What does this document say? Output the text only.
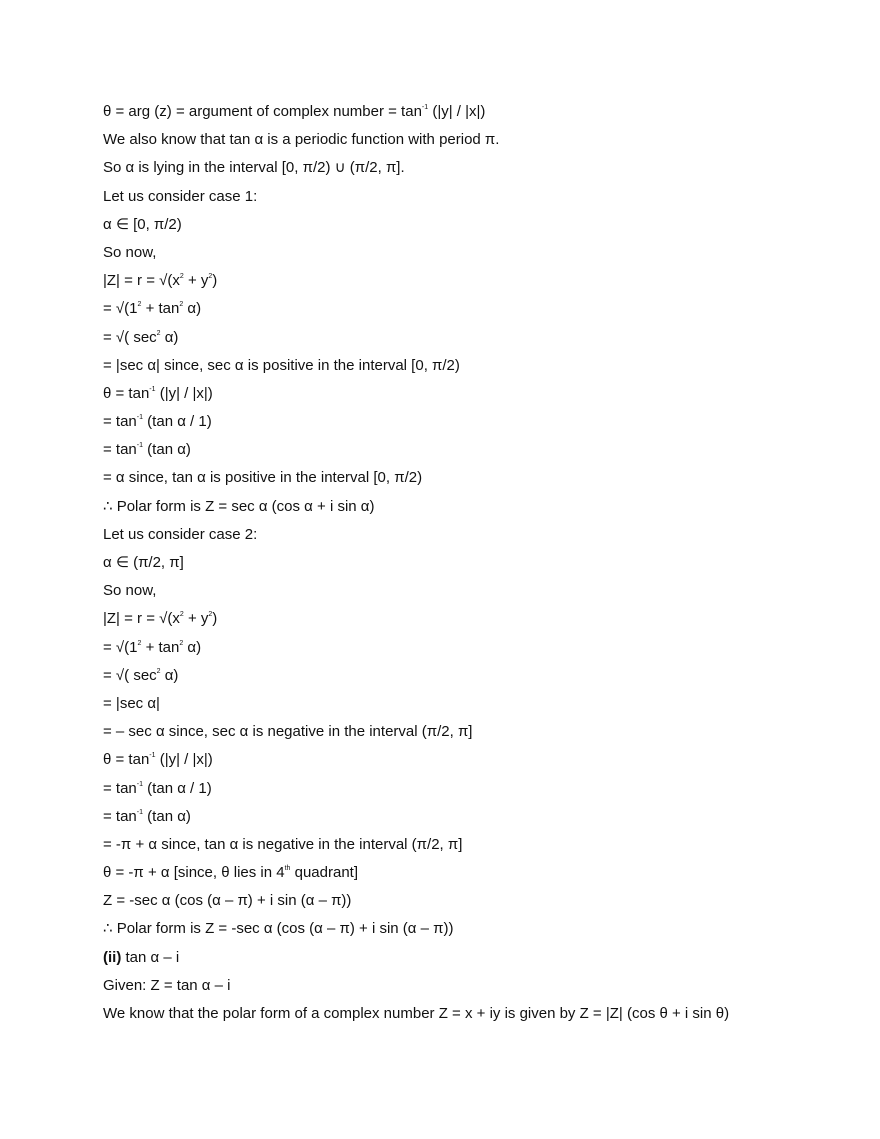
θ = arg (z) = argument of complex number = $\tan^{-1} (|y| / |x|)$
We also know that tan α is a periodic function with period π.
So α is lying in the interval [0, π/2) ∪ (π/2, π].
Let us consider case 1:
α ∈ [0, π/2)
So now,
$|Z| = r = √(x^2 + y^2)$
= $√(1^2 + \tan^2 \alpha)$
= √( $\sec^2 \alpha$)
= |sec α| since, sec α is positive in the interval [0, π/2)
$\theta = \tan^{-1} (|y| / |x|)$
= $\tan^{-1} (\tan$ α / 1)
= $\tan^{-1} (\tan$ α)
= α since, tan α is positive in the interval [0, π/2)
∴ Polar form is Z = sec α (cos α + i sin α)
Let us consider case 2:
α ∈ (π/2, π]
So now,
$|Z| = r = √(x^2 + y^2)$
= $√(1^2 + \tan^2 \alpha)$
= √( $\sec^2 \alpha$)
= |sec α|
= – sec α since, sec α is negative in the interval (π/2, π]
$\theta = \tan^{-1} (|y| / |x|)$
= $\tan^{-1} (\tan$ α / 1)
= $\tan^{-1} (\tan$ α)
= -π + α since, tan α is negative in the interval (π/2, π]
θ = -π + α [since, θ lies in 4th quadrant]
Z = -sec α (cos (α – π) + i sin (α – π))
∴ Polar form is Z = -sec α (cos (α – π) + i sin (α – π))
(ii) tan α – i
Given: Z = tan α – i
We know that the polar form of a complex number Z = x + iy is given by Z = |Z| (cos θ + i sin θ)
